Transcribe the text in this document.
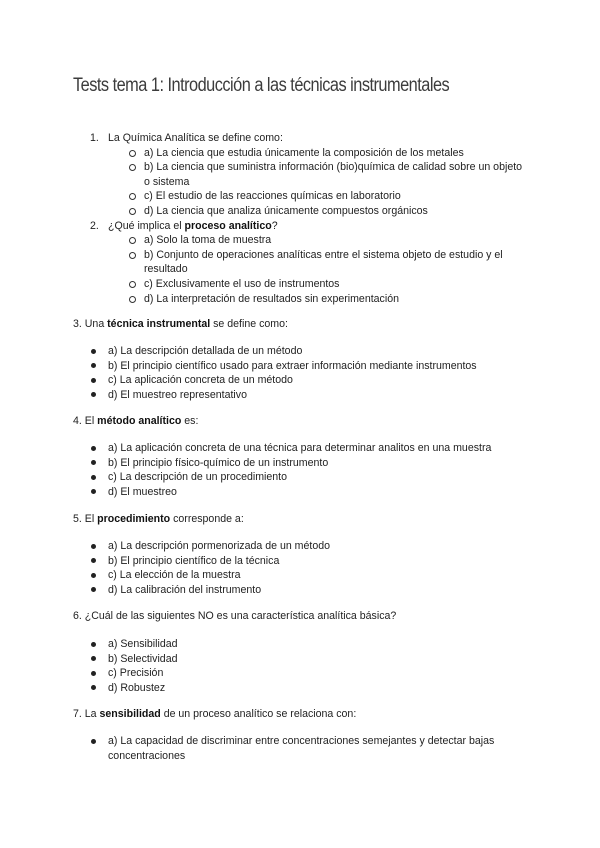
Tests tema 1: Introducción a las técnicas instrumentales
1. La Química Analítica se define como:
a) La ciencia que estudia únicamente la composición de los metales
b) La ciencia que suministra información (bio)química de calidad sobre un objeto o sistema
c) El estudio de las reacciones químicas en laboratorio
d) La ciencia que analiza únicamente compuestos orgánicos
2. ¿Qué implica el proceso analítico?
a) Solo la toma de muestra
b) Conjunto de operaciones analíticas entre el sistema objeto de estudio y el resultado
c) Exclusivamente el uso de instrumentos
d) La interpretación de resultados sin experimentación
3. Una técnica instrumental se define como:
a) La descripción detallada de un método
b) El principio científico usado para extraer información mediante instrumentos
c) La aplicación concreta de un método
d) El muestreo representativo
4. El método analítico es:
a) La aplicación concreta de una técnica para determinar analitos en una muestra
b) El principio físico-químico de un instrumento
c) La descripción de un procedimiento
d) El muestreo
5. El procedimiento corresponde a:
a) La descripción pormenorizada de un método
b) El principio científico de la técnica
c) La elección de la muestra
d) La calibración del instrumento
6. ¿Cuál de las siguientes NO es una característica analítica básica?
a) Sensibilidad
b) Selectividad
c) Precisión
d) Robustez
7. La sensibilidad de un proceso analítico se relaciona con:
a) La capacidad de discriminar entre concentraciones semejantes y detectar bajas concentraciones
